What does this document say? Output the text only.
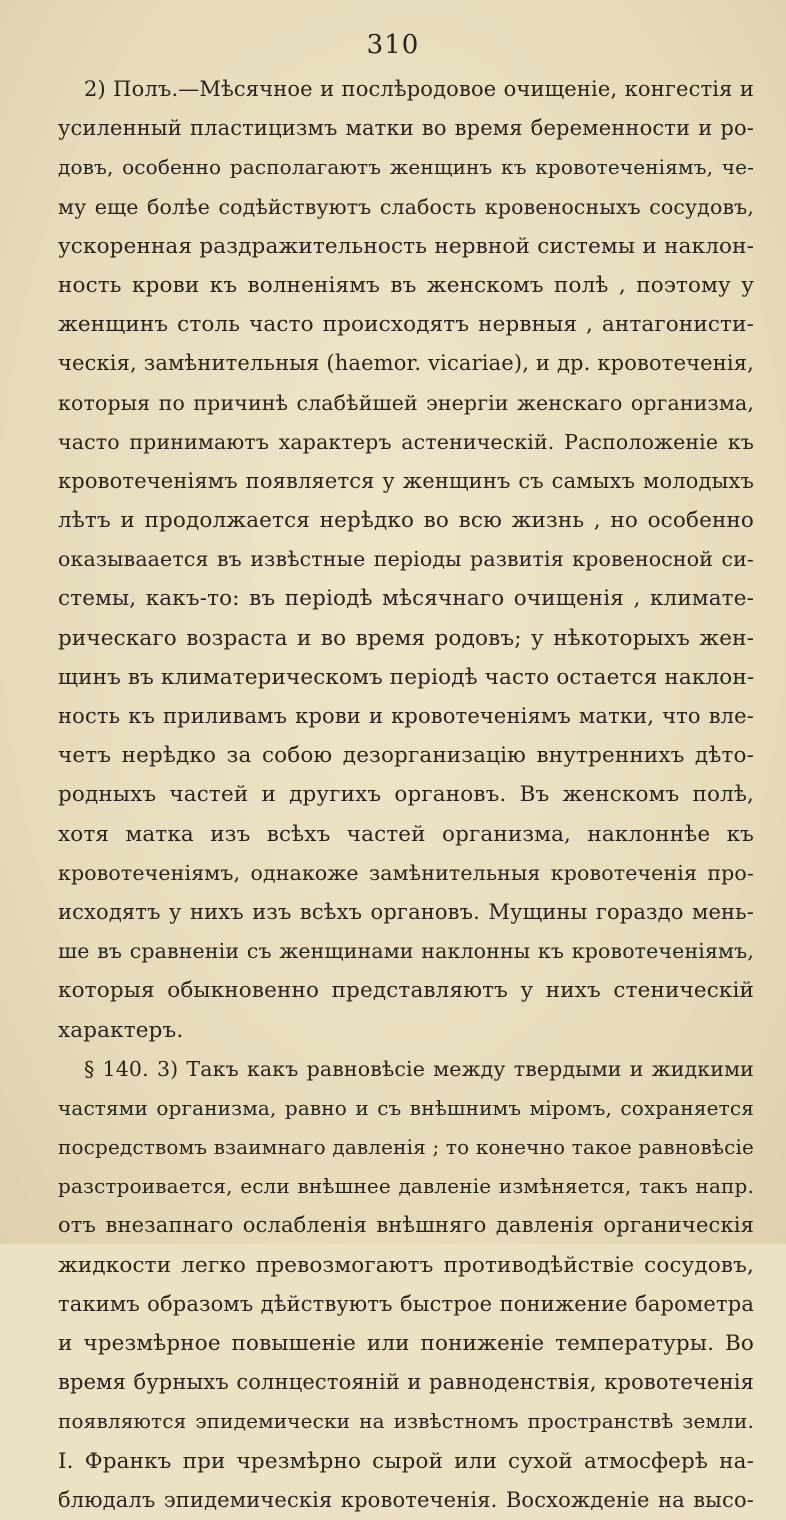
310
2) Полъ.—Мѣсячное и послѣродовое очищенie, конгестiя и
усиленный пластицизмъ матки во время беременности и ро-
довъ, особенно располагаютъ женщинъ къ кровотеченiямъ, че-
му еще болѣе содѣйствуютъ слабость кровеносныхъ сосудовъ,
ускоренная раздражительность нервной системы и наклон-
ность крови къ волненiямъ въ женскомъ полѣ , поэтому у
женщинъ столь часто происходятъ нервныя , антагонисти-
ческiя, замѣнительныя (haemor. vicariae), и др. кровотеченiя,
которыя по причинѣ слабѣйшей энергiи женскаго организма,
часто принимаютъ характеръ астеническiй. Расположенie къ
кровотеченiямъ появляется у женщинъ съ самыхъ молодыхъ
лѣтъ и продолжается нерѣдко во всю жизнь , но особенно
оказываается въ извѣстные перiоды развитiя кровеносной си-
стемы, какъ-то: въ перiодѣ мѣсячнаго очищенiя , климате-
рическаго возраста и во время родовъ; у нѣкоторыхъ жен-
щинъ въ климатерическомъ перiодѣ часто остается наклон-
ность къ приливамъ крови и кровотеченiямъ матки, что вле-
четъ нерѣдко за собою дезорганизацiю внутреннихъ дѣто-
родныхъ частей и другихъ органовъ. Въ женскомъ полѣ,
хотя матка изъ всѣхъ частей организма, наклоннѣе къ
кровотеченiямъ, однакожe замѣнительныя кровотеченiя про-
исходятъ у нихъ изъ всѣхъ органовъ. Мущины гораздо мень-
ше въ сравненiи съ женщинами наклонны къ кровотеченiямъ,
которыя обыкновенно представляютъ у нихъ стеническiй
характеръ.
§ 140. 3) Такъ какъ равновѣсie между твердыми и жидкими
частями организма, равно и съ внѣшнимъ мiромъ, сохраняется
посредствомъ взаимнаго давленiя ; то конечно такое равновѣсie
разстроивается, если внѣшнее давленie измѣняется, такъ напр.
отъ внезапнаго ослабленiя внѣшняго давленiя органическiя
жидкости легко превозмогаютъ противодѣйствie сосудовъ,
такимъ образомъ дѣйствуютъ быстрое понижениe барометра
и чрезмѣрное повышенie или пониженie температуры. Во
время бурныхъ солнцестоянiй и равноденствiя, кровотеченiя
появляются эпидемически на извѣстномъ пространствѣ земли.
I. Франкъ при чрезмѣрно сырой или сухой атмосферѣ на-
блюдалъ эпидемическiя кровотеченiя. Восхожденie на высо-
